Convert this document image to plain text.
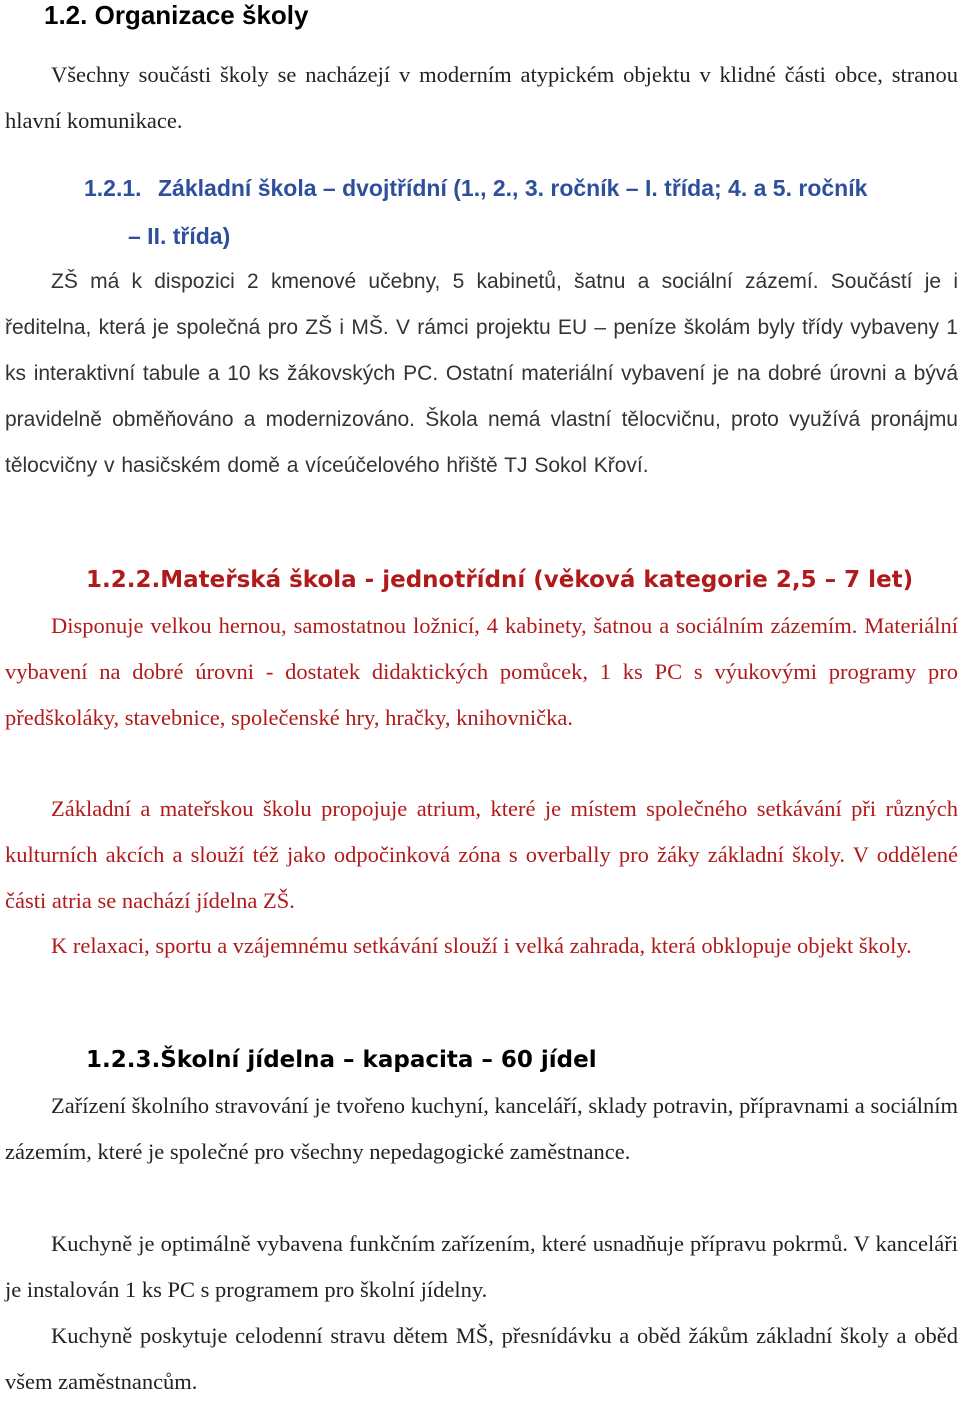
1.2. Organizace školy

Všechny součásti školy se nacházejí v moderním atypickém objektu v klidné části obce, stranou hlavní komunikace.

1.2.1. Základní škola – dvojtřídní (1., 2., 3. ročník – I. třída; 4. a 5. ročník
– II. třída)

ZŠ má k dispozici 2 kmenové učebny, 5 kabinetů, šatnu a sociální zázemí. Součástí je i ředitelna, která je společná pro ZŠ i MŠ. V rámci projektu EU – peníze školám byly třídy vybaveny 1 ks interaktivní tabule a 10 ks žákovských PC. Ostatní materiální vybavení je na dobré úrovni a bývá pravidelně obměňováno a modernizováno. Škola nemá vlastní tělocvičnu, proto využívá pronájmu tělocvičny v hasičském domě a víceúčelového hřiště TJ Sokol Křoví.

1.2.2.Mateřská škola - jednotřídní (věková kategorie 2,5 – 7 let)

Disponuje velkou hernou, samostatnou ložnicí, 4 kabinety, šatnou a sociálním zázemím. Materiální vybavení na dobré úrovni - dostatek didaktických pomůcek, 1 ks PC s výukovými programy pro předškoláky, stavebnice, společenské hry, hračky, knihovnička.

Základní a mateřskou školu propojuje atrium, které je místem společného setkávání při různých kulturních akcích a slouží též jako odpočinková zóna s overbally pro žáky základní školy. V oddělené části atria se nachází jídelna ZŠ.

K relaxaci, sportu a vzájemnému setkávání slouží i velká zahrada, která obklopuje objekt školy.

1.2.3.Školní jídelna – kapacita – 60 jídel

Zařízení školního stravování je tvořeno kuchyní, kanceláří, sklady potravin, přípravnami a sociálním zázemím, které je společné pro všechny nepedagogické zaměstnance.

Kuchyně je optimálně vybavena funkčním zařízením, které usnadňuje přípravu pokrmů. V kanceláři je instalován 1 ks PC s programem pro školní jídelny.

Kuchyně poskytuje celodenní stravu dětem MŠ, přesnídávku a oběd žákům základní školy a oběd všem zaměstnancům.
